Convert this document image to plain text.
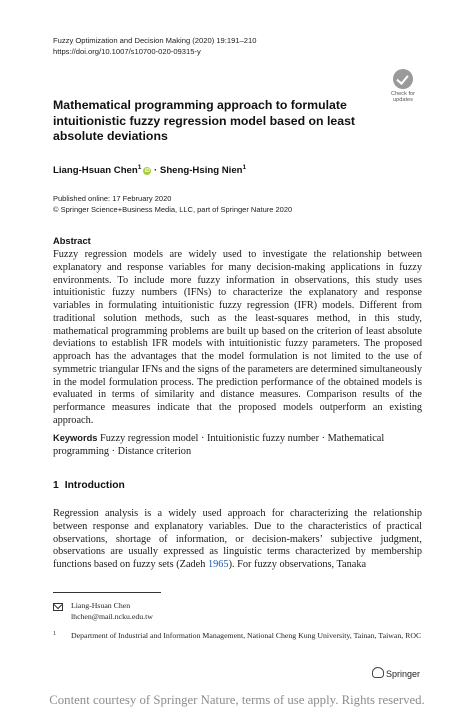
Fuzzy Optimization and Decision Making (2020) 19:191–210
https://doi.org/10.1007/s10700-020-09315-y
Check for
updates
Mathematical programming approach to formulate intuitionistic fuzzy regression model based on least absolute deviations
Liang-Hsuan Chen$^1$iD · Sheng-Hsing Nien$^1$
Published online: 17 February 2020
© Springer Science+Business Media, LLC, part of Springer Nature 2020
Abstract
Fuzzy regression models are widely used to investigate the relationship between explanatory and response variables for many decision-making applications in fuzzy environments. To include more fuzzy information in observations, this study uses intuitionistic fuzzy numbers (IFNs) to characterize the explanatory and response variables in formulating intuitionistic fuzzy regression (IFR) models. Different from traditional solution methods, such as the least-squares method, in this study, mathematical programming problems are built up based on the criterion of least absolute deviations to establish IFR models with intuitionistic fuzzy parameters. The proposed approach has the advantages that the model formulation is not limited to the use of symmetric triangular IFNs and the signs of the parameters are determined simultaneously in the model formulation process. The prediction performance of the obtained models is evaluated in terms of similarity and distance measures. Comparison results of the performance measures indicate that the proposed models outperform an existing approach.
Keywords Fuzzy regression model · Intuitionistic fuzzy number · Mathematical programming · Distance criterion
1 Introduction
Regression analysis is a widely used approach for characterizing the relationship between response and explanatory variables. Due to the characteristics of practical observations, shortage of information, or decision-makers’ subjective judgment, observations are usually expressed as linguistic terms characterized by membership functions based on fuzzy sets (Zadeh 1965). For fuzzy observations, Tanaka
Liang-Hsuan Chen
lhchen@mail.ncku.edu.tw
1 Department of Industrial and Information Management, National Cheng Kung University, Tainan, Taiwan, ROC
Springer
Content courtesy of Springer Nature, terms of use apply. Rights reserved.
